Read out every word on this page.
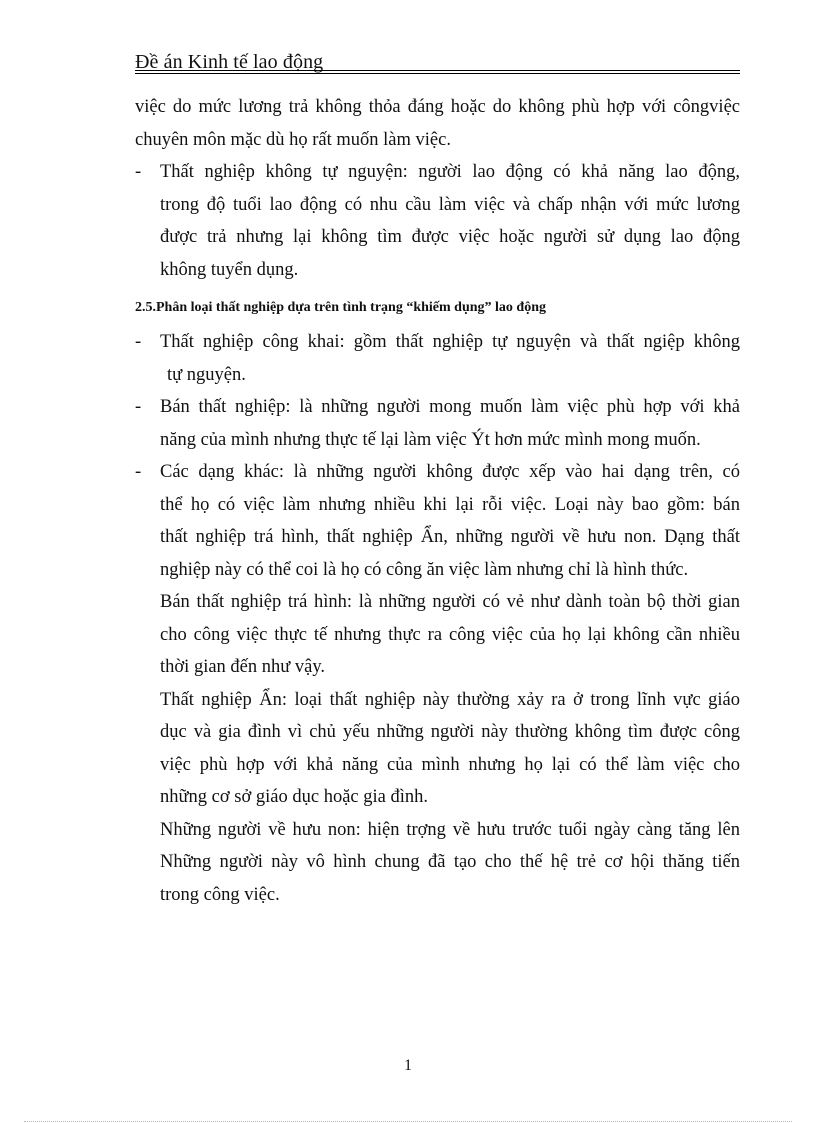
Đề án Kinh tế lao động
việc do mức lương trả không thỏa đáng hoặc do không phù hợp với côngviệc
chuyên môn mặc dù họ rất muốn làm việc.
-	Thất nghiệp không tự nguyện: người lao động có khả năng lao động,
trong độ tuổi lao động có nhu cầu làm việc và chấp nhận với mức lương
được trả nhưng lại không tìm được việc hoặc người sử dụng lao động
không tuyển dụng.
2.5.Phân loại thất nghiệp dựa trên tình trạng “khiếm dụng” lao động
-	Thất nghiệp công khai: gồm thất nghiệp tự nguyện và thất ngiệp không
tự nguyện.
-	Bán thất nghiệp: là những người mong muốn làm việc phù hợp với khả
năng của mình nhưng thực tế lại làm việc Ýt hơn mức mình mong muốn.
-	Các dạng khác: là những người không được xếp vào hai dạng trên, có
thể họ có việc làm nhưng nhiều khi lại rỗi việc. Loại này bao gồm: bán
thất nghiệp trá hình, thất nghiệp Ẩn, những người về hưu non. Dạng thất
nghiệp này có thể coi là họ có công ăn việc làm nhưng chỉ là hình thức.
Bán thất nghiệp trá hình: là những người có vẻ như dành toàn bộ thời gian
cho công việc thực tế nhưng thực ra công việc của họ lại không cần nhiều
thời gian đến như vậy.
Thất nghiệp Ẩn: loại thất nghiệp này thường xảy ra ở trong lĩnh vực giáo
dục và gia đình vì chủ yếu những người này thường không tìm được công
việc phù hợp với khả năng của mình nhưng họ lại có thể làm việc cho
những cơ sở giáo dục hoặc gia đình.
Những người về hưu non: hiện trợng về hưu trước tuổi ngày càng tăng lên
Những người này vô hình chung đã tạo cho thế hệ trẻ cơ hội thăng tiến
trong công việc.
1
